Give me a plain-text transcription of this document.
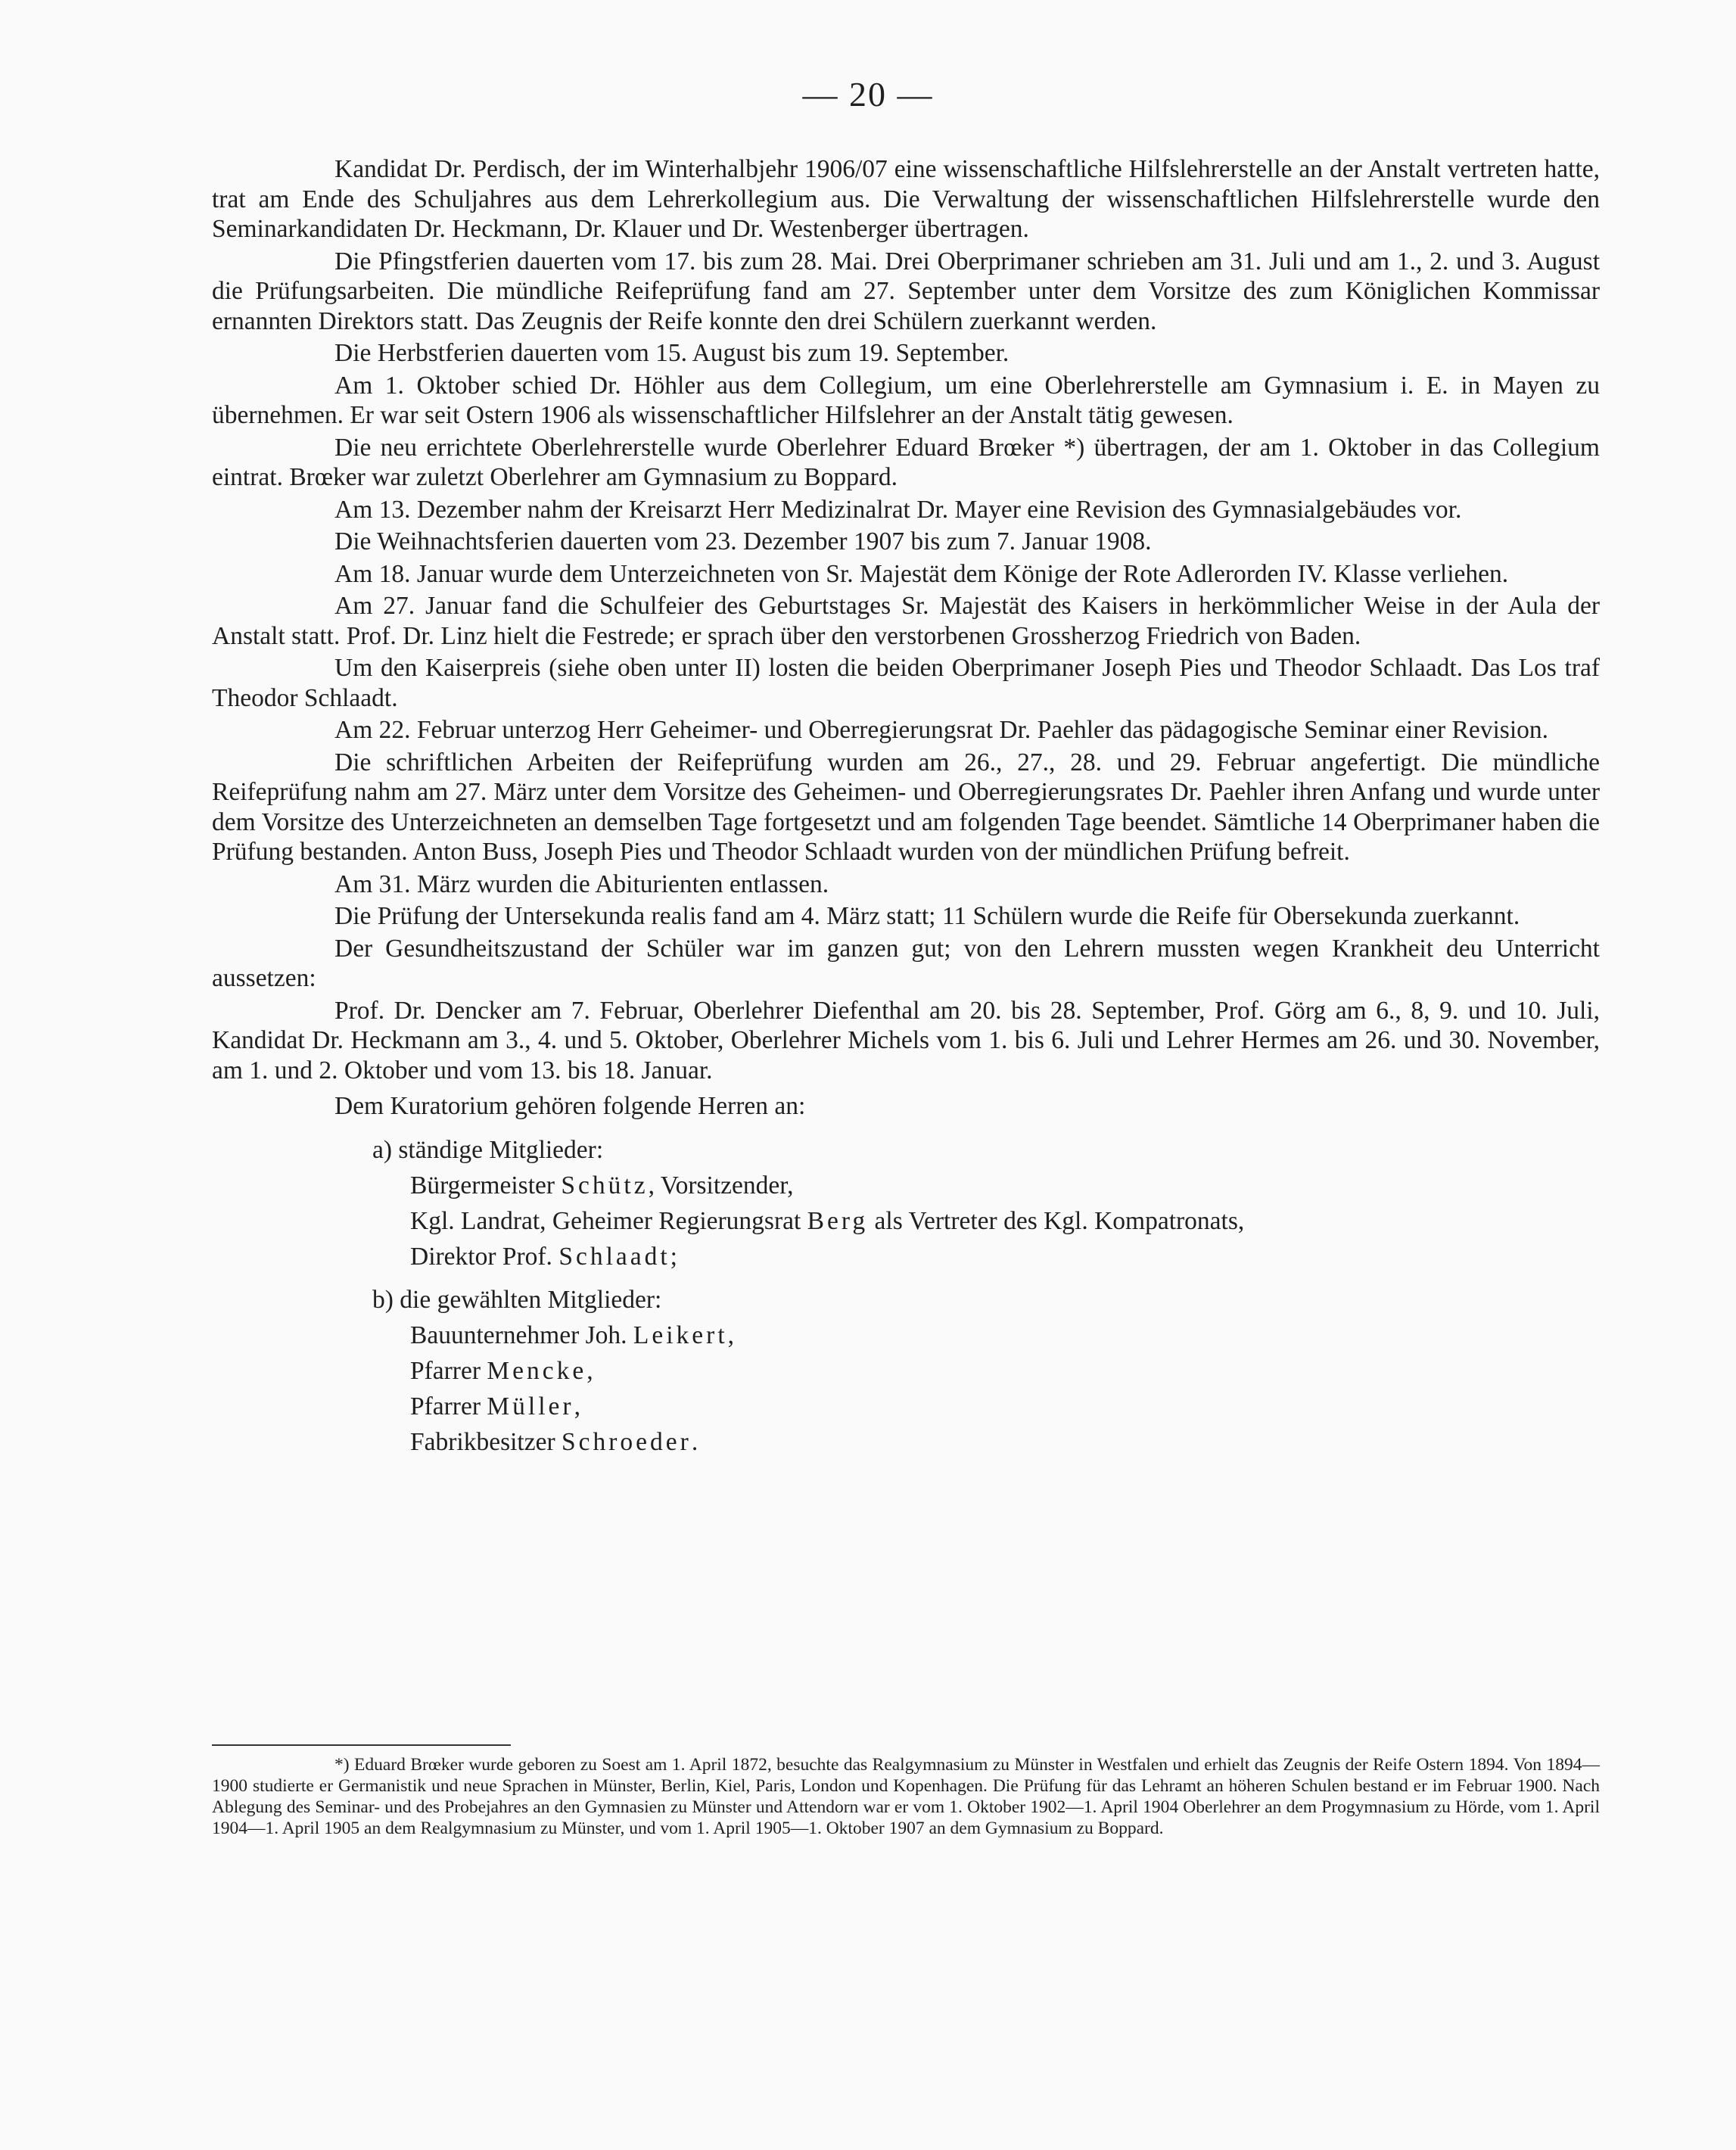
— 20 —

Kandidat Dr. Perdisch, der im Winterhalbjehr 1906/07 eine wissenschaftliche Hilfslehrerstelle an der Anstalt vertreten hatte, trat am Ende des Schuljahres aus dem Lehrerkollegium aus. Die Verwaltung der wissenschaftlichen Hilfslehrerstelle wurde den Seminarkandidaten Dr. Heckmann, Dr. Klauer und Dr. Westenberger übertragen.

Die Pfingstferien dauerten vom 17. bis zum 28. Mai. Drei Oberprimaner schrieben am 31. Juli und am 1., 2. und 3. August die Prüfungsarbeiten. Die mündliche Reifeprüfung fand am 27. September unter dem Vorsitze des zum Königlichen Kommissar ernannten Direktors statt. Das Zeugnis der Reife konnte den drei Schülern zuerkannt werden.

Die Herbstferien dauerten vom 15. August bis zum 19. September.

Am 1. Oktober schied Dr. Höhler aus dem Collegium, um eine Oberlehrerstelle am Gymnasium i. E. in Mayen zu übernehmen. Er war seit Ostern 1906 als wissenschaftlicher Hilfslehrer an der Anstalt tätig gewesen.

Die neu errichtete Oberlehrerstelle wurde Oberlehrer Eduard Brœker *) übertragen, der am 1. Oktober in das Collegium eintrat. Brœker war zuletzt Oberlehrer am Gymnasium zu Boppard.

Am 13. Dezember nahm der Kreisarzt Herr Medizinalrat Dr. Mayer eine Revision des Gymnasialgebäudes vor.

Die Weihnachtsferien dauerten vom 23. Dezember 1907 bis zum 7. Januar 1908.

Am 18. Januar wurde dem Unterzeichneten von Sr. Majestät dem Könige der Rote Adlerorden IV. Klasse verliehen.

Am 27. Januar fand die Schulfeier des Geburtstages Sr. Majestät des Kaisers in herkömmlicher Weise in der Aula der Anstalt statt. Prof. Dr. Linz hielt die Festrede; er sprach über den verstorbenen Grossherzog Friedrich von Baden.

Um den Kaiserpreis (siehe oben unter II) losten die beiden Oberprimaner Joseph Pies und Theodor Schlaadt. Das Los traf Theodor Schlaadt.

Am 22. Februar unterzog Herr Geheimer- und Oberregierungsrat Dr. Paehler das pädagogische Seminar einer Revision.

Die schriftlichen Arbeiten der Reifeprüfung wurden am 26., 27., 28. und 29. Februar angefertigt. Die mündliche Reifeprüfung nahm am 27. März unter dem Vorsitze des Geheimen- und Oberregierungsrates Dr. Paehler ihren Anfang und wurde unter dem Vorsitze des Unterzeichneten an demselben Tage fortgesetzt und am folgenden Tage beendet. Sämtliche 14 Oberprimaner haben die Prüfung bestanden. Anton Buss, Joseph Pies und Theodor Schlaadt wurden von der mündlichen Prüfung befreit.

Am 31. März wurden die Abiturienten entlassen.

Die Prüfung der Untersekunda realis fand am 4. März statt; 11 Schülern wurde die Reife für Obersekunda zuerkannt.

Der Gesundheitszustand der Schüler war im ganzen gut; von den Lehrern mussten wegen Krankheit deu Unterricht aussetzen:

Prof. Dr. Dencker am 7. Februar, Oberlehrer Diefenthal am 20. bis 28. September, Prof. Görg am 6., 8, 9. und 10. Juli, Kandidat Dr. Heckmann am 3., 4. und 5. Oktober, Oberlehrer Michels vom 1. bis 6. Juli und Lehrer Hermes am 26. und 30. November, am 1. und 2. Oktober und vom 13. bis 18. Januar.

Dem Kuratorium gehören folgende Herren an:

a) ständige Mitglieder:
Bürgermeister Schütz, Vorsitzender,
Kgl. Landrat, Geheimer Regierungsrat Berg als Vertreter des Kgl. Kompatronats,
Direktor Prof. Schlaadt;
b) die gewählten Mitglieder:
Bauunternehmer Joh. Leikert,
Pfarrer Mencke,
Pfarrer Müller,
Fabrikbesitzer Schroeder.

*) Eduard Brœker wurde geboren zu Soest am 1. April 1872, besuchte das Realgymnasium zu Münster in Westfalen und erhielt das Zeugnis der Reife Ostern 1894. Von 1894—1900 studierte er Germanistik und neue Sprachen in Münster, Berlin, Kiel, Paris, London und Kopenhagen. Die Prüfung für das Lehramt an höheren Schulen bestand er im Februar 1900. Nach Ablegung des Seminar- und des Probejahres an den Gymnasien zu Münster und Attendorn war er vom 1. Oktober 1902—1. April 1904 Oberlehrer an dem Progymnasium zu Hörde, vom 1. April 1904—1. April 1905 an dem Realgymnasium zu Münster, und vom 1. April 1905—1. Oktober 1907 an dem Gymnasium zu Boppard.
